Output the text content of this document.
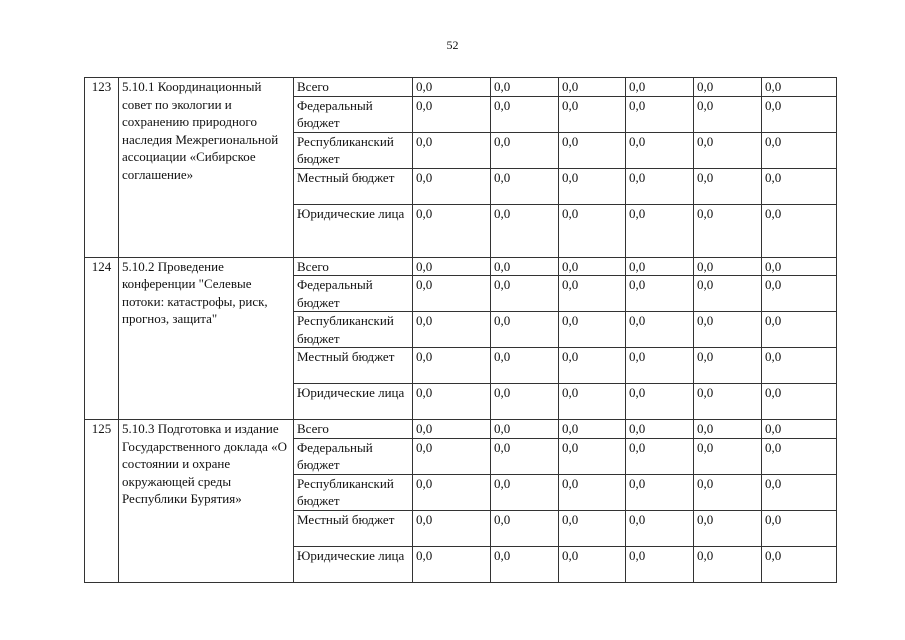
52
123	5.10.1 Координационный совет по экологии и сохранению природного наследия Межрегиональной ассоциации «Сибирское соглашение»	Всего	0,0	0,0	0,0	0,0	0,0	0,0
		Федеральный бюджет	0,0	0,0	0,0	0,0	0,0	0,0
		Республиканский бюджет	0,0	0,0	0,0	0,0	0,0	0,0
		Местный бюджет	0,0	0,0	0,0	0,0	0,0	0,0
		Юридические лица	0,0	0,0	0,0	0,0	0,0	0,0
124	5.10.2 Проведение конференции "Селевые потоки: катастрофы, риск, прогноз, защита"	Всего	0,0	0,0	0,0	0,0	0,0	0,0
		Федеральный бюджет	0,0	0,0	0,0	0,0	0,0	0,0
		Республиканский бюджет	0,0	0,0	0,0	0,0	0,0	0,0
		Местный бюджет	0,0	0,0	0,0	0,0	0,0	0,0
		Юридические лица	0,0	0,0	0,0	0,0	0,0	0,0
125	5.10.3 Подготовка и издание Государственного доклада «О состоянии и охране окружающей среды Республики Бурятия»	Всего	0,0	0,0	0,0	0,0	0,0	0,0
		Федеральный бюджет	0,0	0,0	0,0	0,0	0,0	0,0
		Республиканский бюджет	0,0	0,0	0,0	0,0	0,0	0,0
		Местный бюджет	0,0	0,0	0,0	0,0	0,0	0,0
		Юридические лица	0,0	0,0	0,0	0,0	0,0	0,0
